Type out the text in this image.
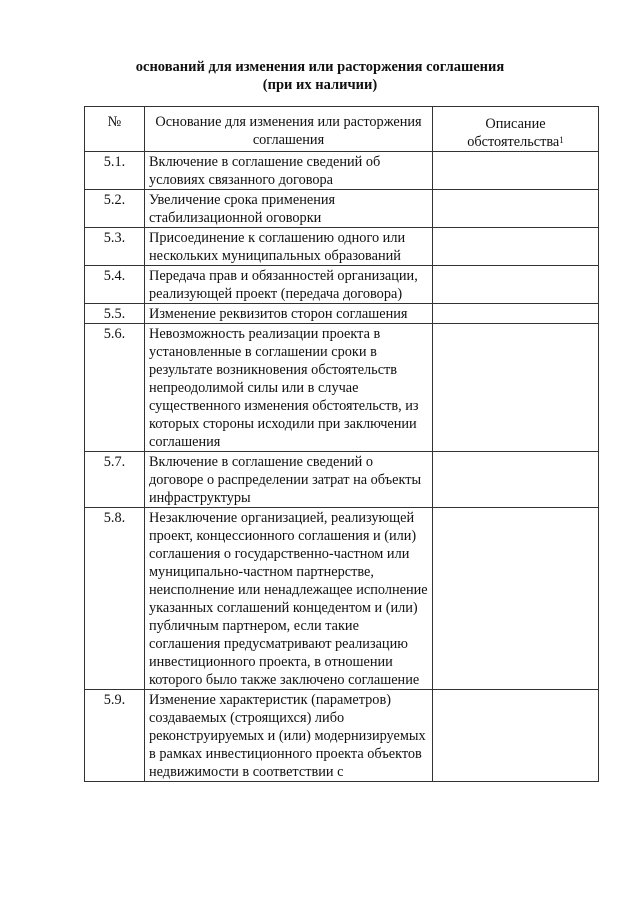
оснований для изменения или расторжения соглашения
(при их наличии)
№	Основание для изменения или расторжения соглашения	Описание обстоятельства$^1$
5.1.	Включение в соглашение сведений об условиях связанного договора	
5.2.	Увеличение срока применения стабилизационной оговорки	
5.3.	Присоединение к соглашению одного или нескольких муниципальных образований	
5.4.	Передача прав и обязанностей организации, реализующей проект (передача договора)	
5.5.	Изменение реквизитов сторон соглашения	
5.6.	Невозможность реализации проекта в установленные в соглашении сроки в результате возникновения обстоятельств непреодолимой силы или в случае существенного изменения обстоятельств, из которых стороны исходили при заключении соглашения	
5.7.	Включение в соглашение сведений о договоре о распределении затрат на объекты инфраструктуры	
5.8.	Незаключение организацией, реализующей проект, концессионного соглашения и (или) соглашения о государственно-частном или муниципально-частном партнерстве, неисполнение или ненадлежащее исполнение указанных соглашений концедентом и (или) публичным партнером, если такие соглашения предусматривают реализацию инвестиционного проекта, в отношении которого было также заключено соглашение	
5.9.	Изменение характеристик (параметров) создаваемых (строящихся) либо реконструируемых и (или) модернизируемых в рамках инвестиционного проекта объектов недвижимости в соответствии с	
